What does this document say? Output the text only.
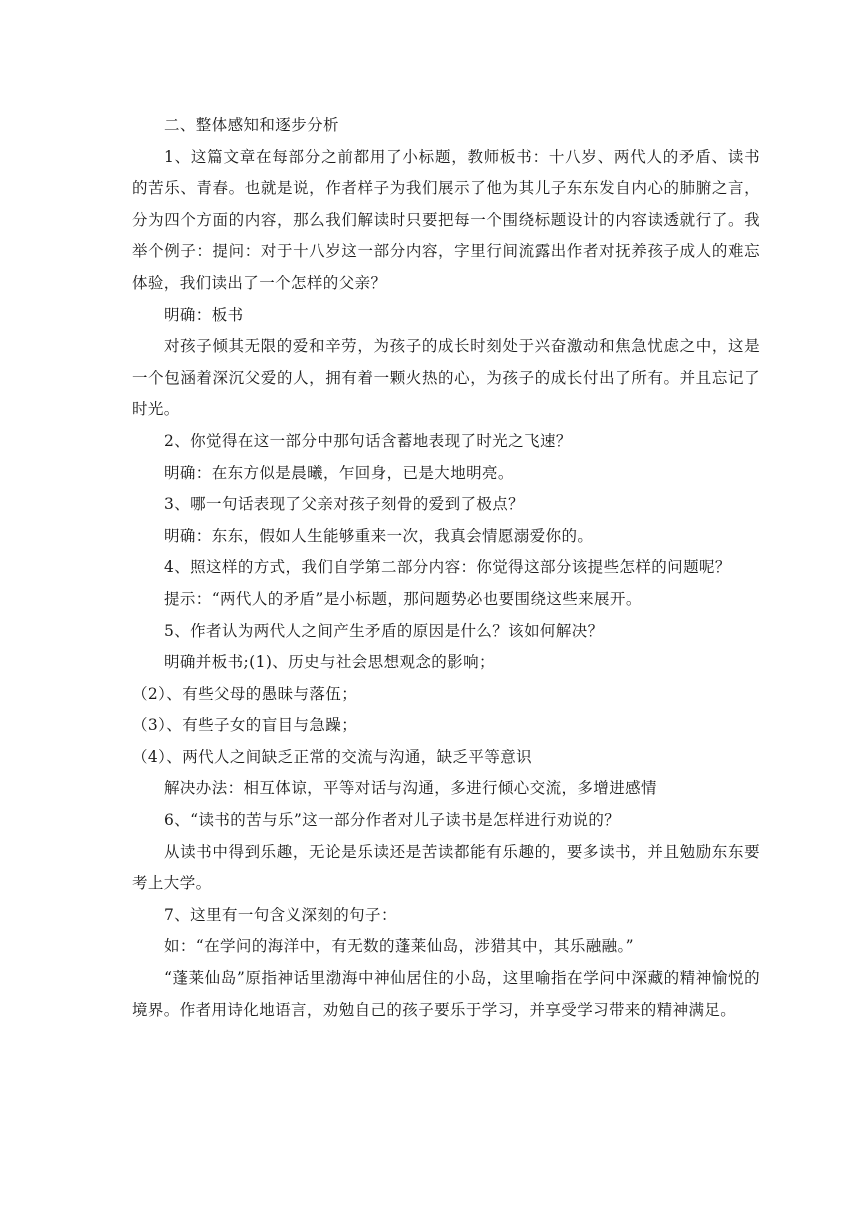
二、整体感知和逐步分析

1、这篇文章在每部分之前都用了小标题，教师板书：十八岁、两代人的矛盾、读书的苦乐、青春。也就是说，作者样子为我们展示了他为其儿子东东发自内心的肺腑之言，分为四个方面的内容，那么我们解读时只要把每一个围绕标题设计的内容读透就行了。我举个例子：提问：对于十八岁这一部分内容，字里行间流露出作者对抚养孩子成人的难忘体验，我们读出了一个怎样的父亲？

明确：板书

对孩子倾其无限的爱和辛劳，为孩子的成长时刻处于兴奋激动和焦急忧虑之中，这是一个包涵着深沉父爱的人，拥有着一颗火热的心，为孩子的成长付出了所有。并且忘记了时光。

2、你觉得在这一部分中那句话含蓄地表现了时光之飞速？

明确：在东方似是晨曦，乍回身，已是大地明亮。

3、哪一句话表现了父亲对孩子刻骨的爱到了极点？

明确：东东，假如人生能够重来一次，我真会情愿溺爱你的。

4、照这样的方式，我们自学第二部分内容：你觉得这部分该提些怎样的问题呢？

提示：“两代人的矛盾”是小标题，那问题势必也要围绕这些来展开。

5、作者认为两代人之间产生矛盾的原因是什么？该如何解决？

明确并板书;(1)、历史与社会思想观念的影响；

（2）、有些父母的愚昧与落伍；

（3）、有些子女的盲目与急躁；

（4）、两代人之间缺乏正常的交流与沟通，缺乏平等意识

解决办法：相互体谅，平等对话与沟通，多进行倾心交流，多增进感情

6、“读书的苦与乐”这一部分作者对儿子读书是怎样进行劝说的？

从读书中得到乐趣，无论是乐读还是苦读都能有乐趣的，要多读书，并且勉励东东要考上大学。

7、这里有一句含义深刻的句子：

如：“在学问的海洋中，有无数的蓬莱仙岛，涉猎其中，其乐融融。”

“蓬莱仙岛”原指神话里渤海中神仙居住的小岛，这里喻指在学问中深藏的精神愉悦的境界。作者用诗化地语言，劝勉自己的孩子要乐于学习，并享受学习带来的精神满足。
